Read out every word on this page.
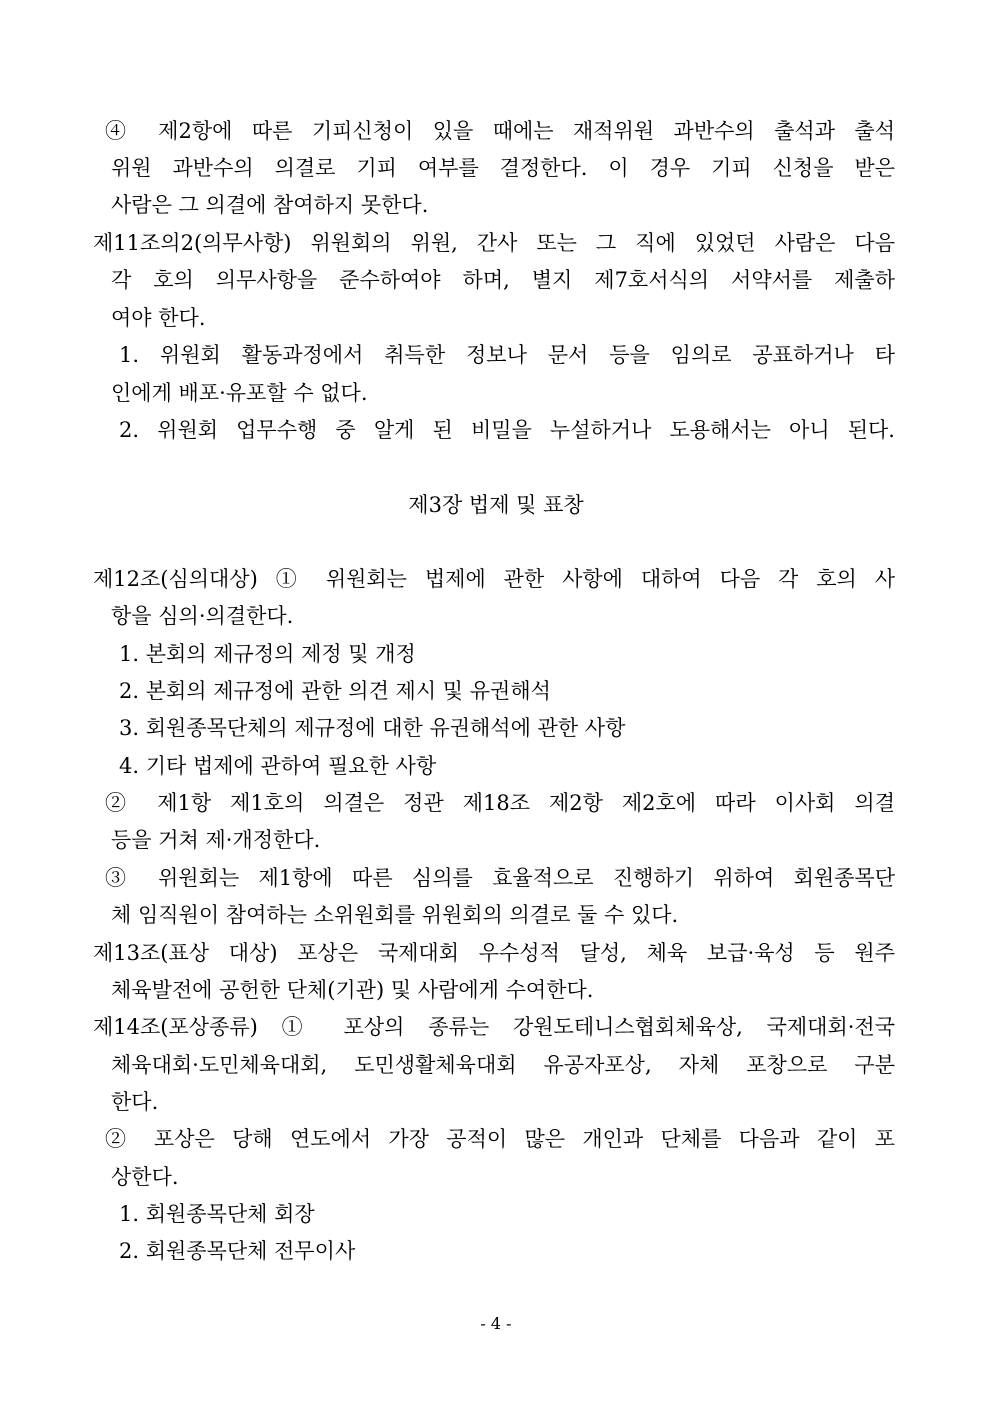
④ 제2항에 따른 기피신청이 있을 때에는 재적위원 과반수의 출석과 출석
위원 과반수의 의결로 기피 여부를 결정한다. 이 경우 기피 신청을 받은
사람은 그 의결에 참여하지 못한다.
제11조의2(의무사항) 위원회의 위원, 간사 또는 그 직에 있었던 사람은 다음
각 호의 의무사항을 준수하여야 하며, 별지 제7호서식의 서약서를 제출하
여야 한다.
1. 위원회 활동과정에서 취득한 정보나 문서 등을 임의로 공표하거나 타
인에게 배포·유포할 수 없다.
2. 위원회 업무수행 중 알게 된 비밀을 누설하거나 도용해서는 아니 된다.
제3장 법제 및 표창
제12조(심의대상) ① 위원회는 법제에 관한 사항에 대하여 다음 각 호의 사
항을 심의·의결한다.
1. 본회의 제규정의 제정 및 개정
2. 본회의 제규정에 관한 의견 제시 및 유권해석
3. 회원종목단체의 제규정에 대한 유권해석에 관한 사항
4. 기타 법제에 관하여 필요한 사항
② 제1항 제1호의 의결은 정관 제18조 제2항 제2호에 따라 이사회 의결
등을 거쳐 제·개정한다.
③ 위원회는 제1항에 따른 심의를 효율적으로 진행하기 위하여 회원종목단
체 임직원이 참여하는 소위원회를 위원회의 의결로 둘 수 있다.
제13조(표상 대상) 포상은 국제대회 우수성적 달성, 체육 보급·육성 등 원주
체육발전에 공헌한 단체(기관) 및 사람에게 수여한다.
제14조(포상종류) ① 포상의 종류는 강원도테니스협회체육상, 국제대회·전국
체육대회·도민체육대회, 도민생활체육대회 유공자포상, 자체 포창으로 구분
한다.
② 포상은 당해 연도에서 가장 공적이 많은 개인과 단체를 다음과 같이 포
상한다.
1. 회원종목단체 회장
2. 회원종목단체 전무이사
- 4 -
